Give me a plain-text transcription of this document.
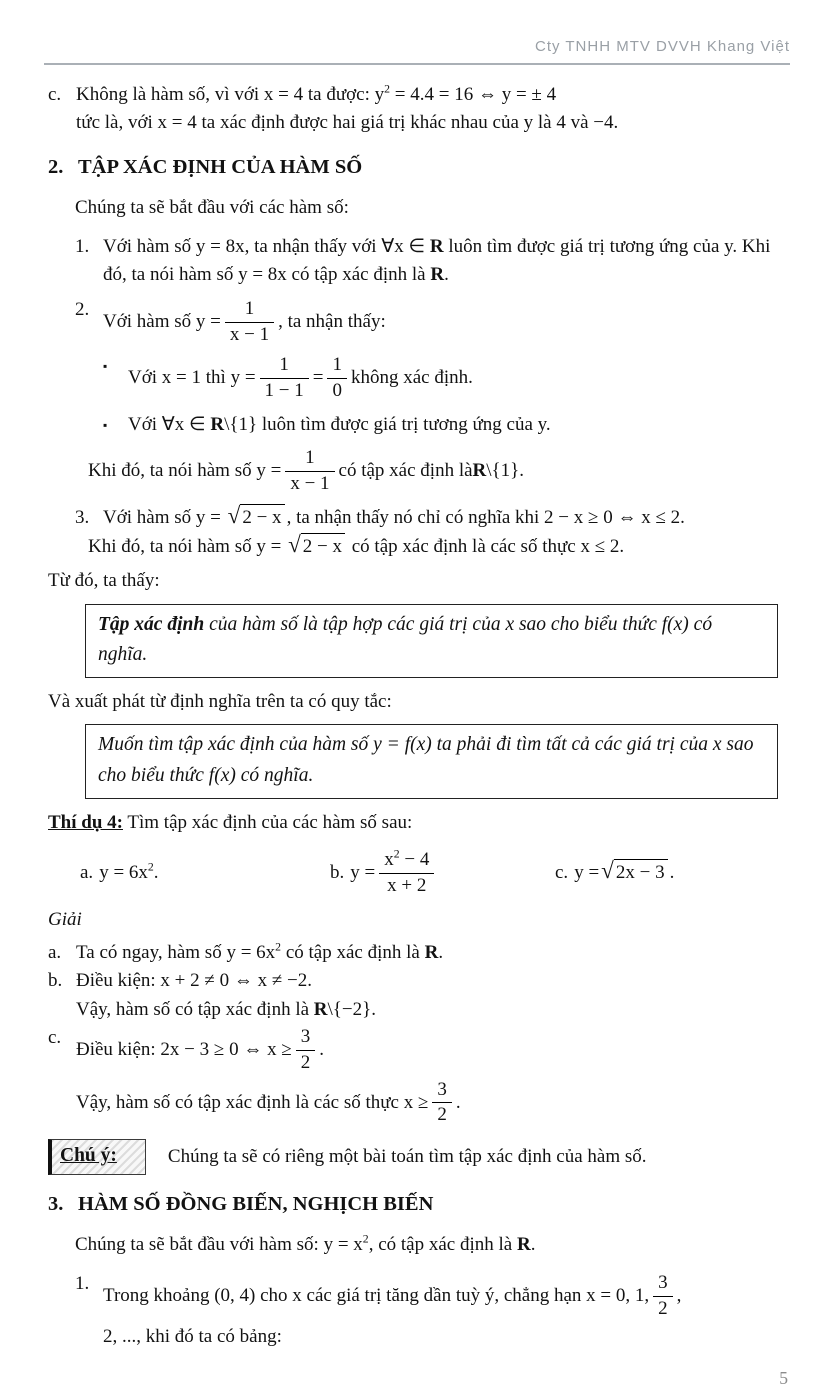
Cty TNHH MTV DVVH Khang Việt
c. Không là hàm số, vì với x = 4 ta được: $y^2 = 4.4 = 16$ ⇔ y = ± 4

tức là, với x = 4 ta xác định được hai giá trị khác nhau của y là 4 và −4.

2. TẬP XÁC ĐỊNH CỦA HÀM SỐ

Chúng ta sẽ bắt đầu với các hàm số:

1. Với hàm số y = 8x, ta nhận thấy với ∀x ∈ R luôn tìm được giá trị tương ứng của y. Khi đó, ta nói hàm số y = 8x có tập xác định là R.
2.
Với hàm số $y = \frac{1}{x - 1}$ , ta nhận thấy:
▪
Với x = 1 thì $y = \frac{1}{1 - 1} = \frac{1}{0}$ không xác định.
▪	Với ∀x ∈ R\{1} luôn tìm được giá trị tương ứng của y.
Khi đó, ta nói hàm số $y = \frac{1}{x - 1}$ có tập xác định là R \{1}.
3. Với hàm số y = √ 2 − x , ta nhận thấy nó chỉ có nghĩa khi 2 − x ≥ 0 ⇔ x ≤ 2.
Khi đó, ta nói hàm số y = √ 2 − x có tập xác định là các số thực x ≤ 2.

Từ đó, ta thấy:

Tập xác định của hàm số là tập hợp các giá trị của x sao cho biểu thức f(x) có nghĩa.

Và xuất phát từ định nghĩa trên ta có quy tắc:

Muốn tìm tập xác định của hàm số y = f(x) ta phải đi tìm tất cả các giá trị của x sao cho biểu thức f(x) có nghĩa.

Thí dụ 4: Tìm tập xác định của các hàm số sau:

a. $y = 6x^2$.	b. $y = \frac{x^2 - 4}{x + 2}$	c. y = √ 2x − 3 .

Giải

a. Ta có ngay, hàm số $y = 6x^2$ có tập xác định là R.
b. Điều kiện: x + 2 ≠ 0 ⇔ x ≠ −2.

Vậy, hàm số có tập xác định là R\{−2}.

c.
Điều kiện: 2x − 3 ≥ 0 ⇔ $x \ge \frac{3}{2}$ .
Vậy, hàm số có tập xác định là các số thực $x \ge \frac{3}{2}$ .
Chú ý:	Chúng ta sẽ có riêng một bài toán tìm tập xác định của hàm số.
3. HÀM SỐ ĐỒNG BIẾN, NGHỊCH BIẾN

Chúng ta sẽ bắt đầu với hàm số: $y = x^2$, có tập xác định là R.

1.
Trong khoảng (0, 4) cho x các giá trị tăng dần tuỳ ý, chẳng hạn x = 0, 1, $\frac{3}{2}$ ,

2, ..., khi đó ta có bảng:

5
